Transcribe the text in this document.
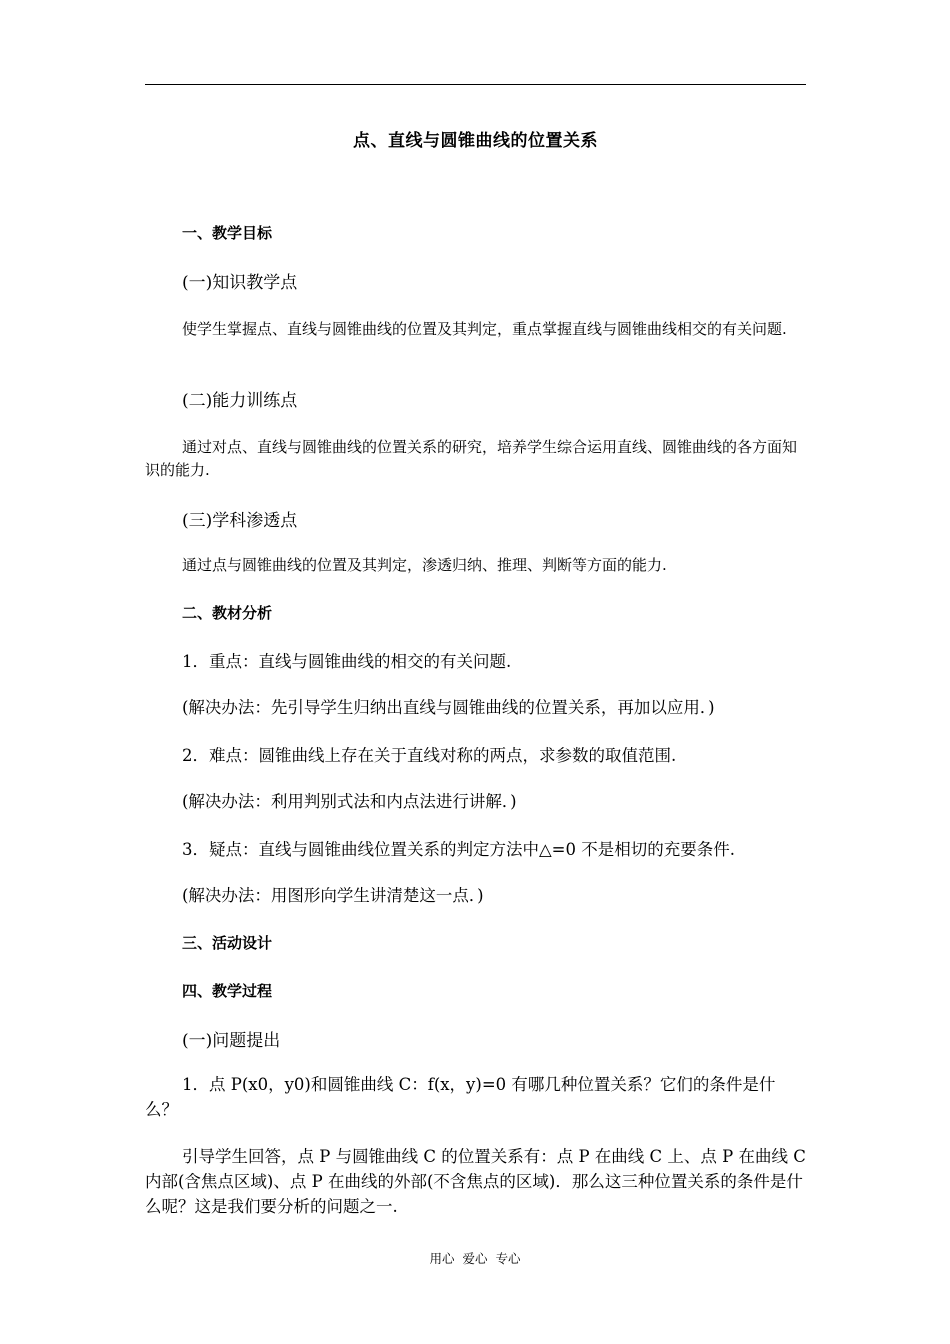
点、直线与圆锥曲线的位置关系
一、教学目标
(一)知识教学点
使学生掌握点、直线与圆锥曲线的位置及其判定，重点掌握直线与圆锥曲线相交的有关问题.
(二)能力训练点
通过对点、直线与圆锥曲线的位置关系的研究，培养学生综合运用直线、圆锥曲线的各方面知识的能力.
(三)学科渗透点
通过点与圆锥曲线的位置及其判定，渗透归纳、推理、判断等方面的能力.
二、教材分析
1．重点：直线与圆锥曲线的相交的有关问题.
(解决办法：先引导学生归纳出直线与圆锥曲线的位置关系，再加以应用．)
2．难点：圆锥曲线上存在关于直线对称的两点，求参数的取值范围.
(解决办法：利用判别式法和内点法进行讲解．)
3．疑点：直线与圆锥曲线位置关系的判定方法中△=0 不是相切的充要条件.
(解决办法：用图形向学生讲清楚这一点．)
三、活动设计
四、教学过程
(一)问题提出
1．点 P(x0，y0)和圆锥曲线 C：f(x，y)=0 有哪几种位置关系？它们的条件是什么？
引导学生回答，点 P 与圆锥曲线 C 的位置关系有：点 P 在曲线 C 上、点 P 在曲线 C 内部(含焦点区域)、点 P 在曲线的外部(不含焦点的区域)．那么这三种位置关系的条件是什么呢？这是我们要分析的问题之一.
用心 爱心 专心
